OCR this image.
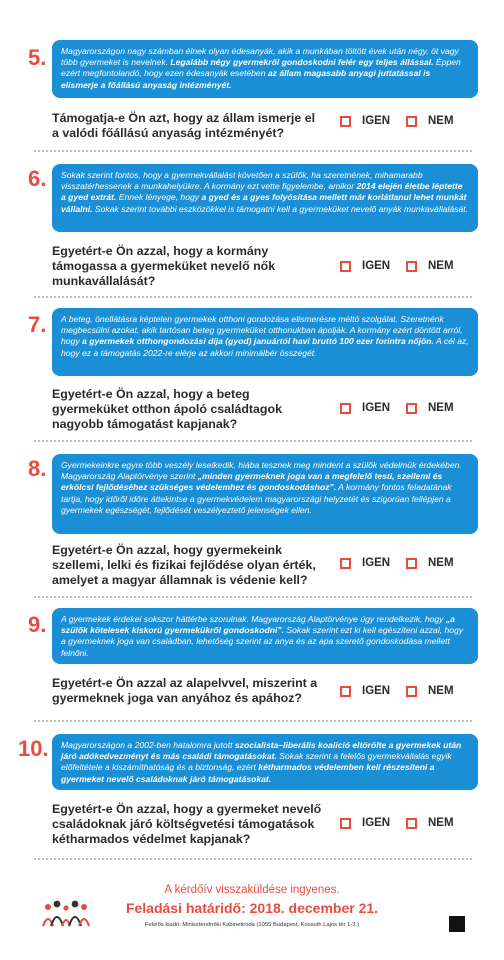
5.	Magyarországon nagy számban élnek olyan édesanyák, akik a munkában töltött évek után négy, öt vagy több gyermeket is nevelnek. Legalább négy gyermekről gondoskodni felér egy teljes állással. Éppen ezért megfontolandó, hogy ezen édesanyák esetében az állam magasabb anyagi juttatással is elismerje a főállású anyaság intézményét.
Támogatja-e Ön azt, hogy az állam ismerje el a valódi főállású anyaság intézményét?
IGEN	NEM
6.	Sokak szerint fontos, hogy a gyermekvállalást követően a szülők, ha szeretnének, mihamarabb visszatérhessenek a munkahelyükre. A kormány ezt vette figyelembe, amikor 2014 elején életbe léptette a gyed extrát. Ennek lényege, hogy a gyed és a gyes folyósítása mellett már korlátlanul lehet munkát vállalni. Sokak szerint további eszközökkel is támogatni kell a gyermeküket nevelő anyák munkavállalását.
Egyetért-e Ön azzal, hogy a kormány támogassa a gyermeküket nevelő nők munkavállalását?
IGEN	NEM
7.	A beteg, önellátásra képtelen gyermekek otthoni gondozása elismerésre méltó szolgálat. Szeretnénk megbecsülni azokat, akik tartósan beteg gyermeküket otthonukban ápolják. A kormány ezért döntött arról, hogy a gyermekek otthongondozási díja (gyod) januártól havi bruttó 100 ezer forintra nőjön. A cél az, hogy ez a támogatás 2022-re elérje az akkori minimálbér összegét.
Egyetért-e Ön azzal, hogy a beteg gyermeküket otthon ápoló családtagok nagyobb támogatást kapjanak?
IGEN	NEM
8.	Gyermekeinkre egyre több veszély leselkedik, hiába tesznek meg mindent a szülők védelmük érdekében. Magyarország Alaptörvénye szerint „minden gyermeknek joga van a megfelelő testi, szellemi és erkölcsi fejlődéséhez szükséges védelemhez és gondoskodáshoz”. A kormány fontos feladatának tartja, hogy időről időre áttekintse a gyermekvédelem magyarországi helyzetét és szigorúan fellépjen a gyermekek egészségét, fejlődését veszélyeztető jelenségek ellen.
Egyetért-e Ön azzal, hogy gyermekeink szellemi, lelki és fizikai fejlődése olyan érték, amelyet a magyar államnak is védenie kell?
IGEN	NEM
9.	A gyermekek érdekei sokszor háttérbe szorulnak. Magyarország Alaptörvénye úgy rendelkezik, hogy „a szülők kötelesek kiskorú gyermekükről gondoskodni”. Sokak szerint ezt ki kell egészíteni azzal, hogy a gyermeknek joga van családban, lehetőség szerint az anya és az apa szerető gondoskodása mellett felnőni.
Egyetért-e Ön azzal az alapelvvel, miszerint a gyermeknek joga van anyához és apához?	IGEN	NEM
10.	Magyarországon a 2002-ben hatalomra jutott szocialista–liberális koalíció eltörölte a gyermekek után járó adókedvezményt és más családi támogatásokat. Sokak szerint a felelős gyermekvállalás egyik előfeltétele a kiszámíthatóság és a biztonság, ezért kétharmados védelemben kell részesíteni a gyermeket nevelő családoknak járó támogatásokat.
Egyetért-e Ön azzal, hogy a gyermeket nevelő családoknak járó költségvetési támogatások kétharmados védelmet kapjanak?
IGEN	NEM
A kérdőív visszaküldése ingyenes.
Feladási határidő: 2018. december 21.
Felelős kiadó: Miniszterelnöki Kabinetiroda (1055 Budapest, Kossuth Lajos tér 1-3.)
